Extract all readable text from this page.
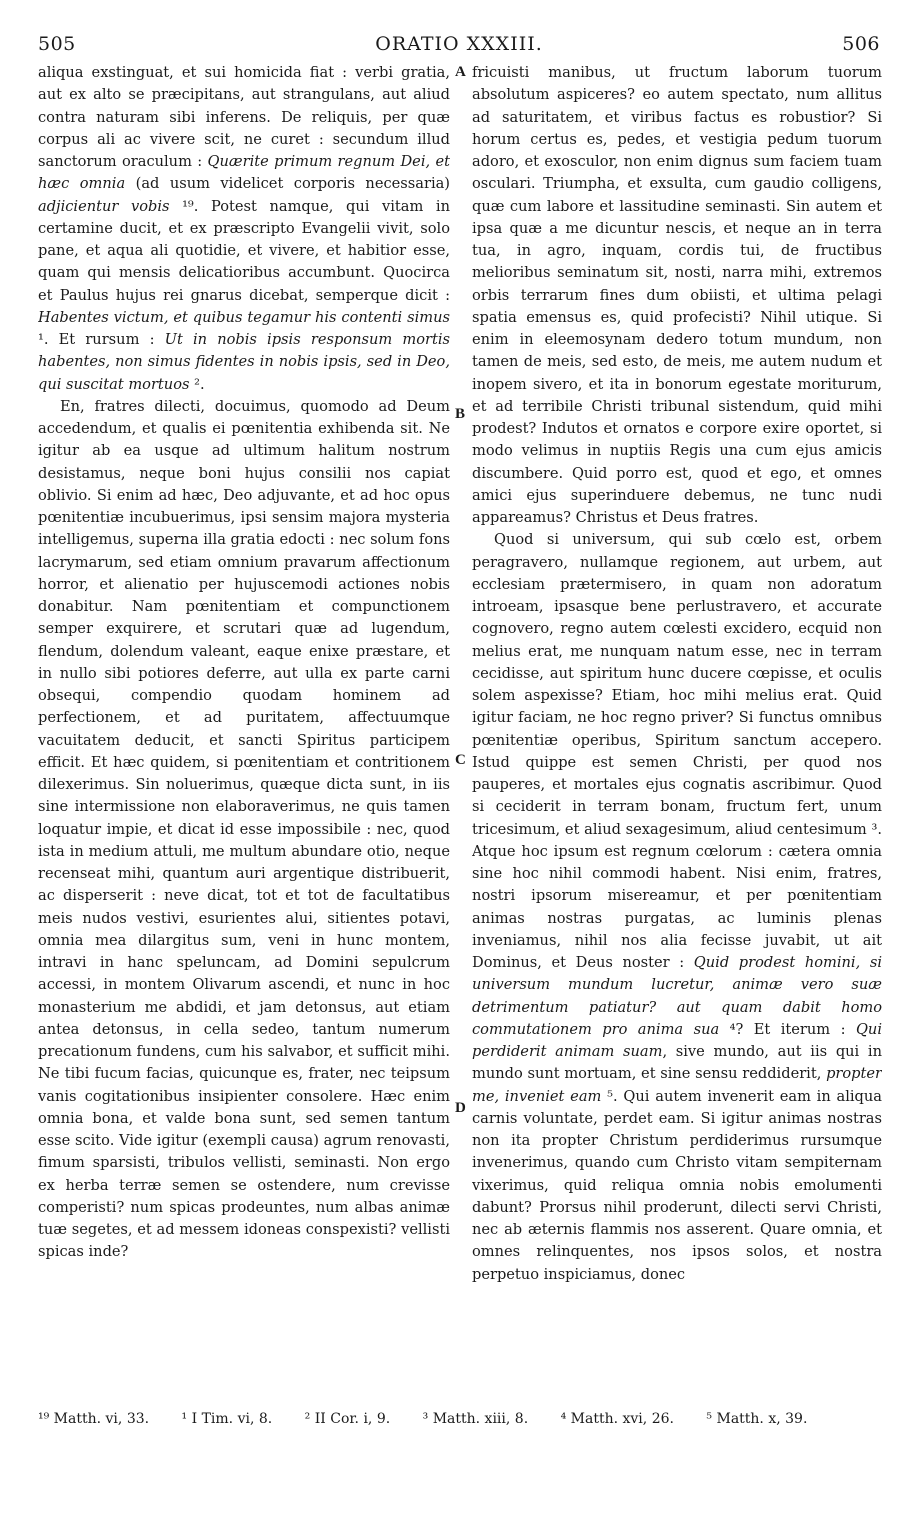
505	ORATIO XXXIII.	506

aliqua exstinguat, et sui homicida fiat : verbi gratia, aut ex alto se præcipitans, aut strangulans, aut aliud contra naturam sibi inferens. De reliquis, per quæ corpus ali ac vivere scit, ne curet : secundum illud sanctorum oraculum : Quærite primum regnum Dei, et hæc omnia (ad usum videlicet corporis necessaria) adjicientur vobis ¹⁹. Potest namque, qui vitam in certamine ducit, et ex præscripto Evangelii vivit, solo pane, et aqua ali quotidie, et vivere, et habitior esse, quam qui mensis delicatioribus accumbunt. Quocirca et Paulus hujus rei gnarus dicebat, semperque dicit : Habentes victum, et quibus tegamur his contenti simus ¹. Et rursum : Ut in nobis ipsis responsum mortis habentes, non simus fidentes in nobis ipsis, sed in Deo, qui suscitat mortuos ².

En, fratres dilecti, docuimus, quomodo ad Deum accedendum, et qualis ei pœnitentia exhibenda sit. Ne igitur ab ea usque ad ultimum halitum nostrum desistamus, neque boni hujus consilii nos capiat oblivio. Si enim ad hæc, Deo adjuvante, et ad hoc opus pœnitentiæ incubuerimus, ipsi sensim majora mysteria intelligemus, superna illa gratia edocti : nec solum fons lacrymarum, sed etiam omnium pravarum affectionum horror, et alienatio per hujuscemodi actiones nobis donabitur. Nam pœnitentiam et compunctionem semper exquirere, et scrutari quæ ad lugendum, flendum, dolendum valeant, eaque enixe præstare, et in nullo sibi potiores deferre, aut ulla ex parte carni obsequi, compendio quodam hominem ad perfectionem, et ad puritatem, affectuumque vacuitatem deducit, et sancti Spiritus participem efficit. Et hæc quidem, si pœnitentiam et contritionem dilexerimus. Sin noluerimus, quæque dicta sunt, in iis sine intermissione non elaboraverimus, ne quis tamen loquatur impie, et dicat id esse impossibile : nec, quod ista in medium attuli, me multum abundare otio, neque recenseat mihi, quantum auri argentique distribuerit, ac disperserit : neve dicat, tot et tot de facultatibus meis nudos vestivi, esurientes alui, sitientes potavi, omnia mea dilargitus sum, veni in hunc montem, intravi in hanc speluncam, ad Domini sepulcrum accessi, in montem Olivarum ascendi, et nunc in hoc monasterium me abdidi, et jam detonsus, aut etiam antea detonsus, in cella sedeo, tantum numerum precationum fundens, cum his salvabor, et sufficit mihi. Ne tibi fucum facias, quicunque es, frater, nec teipsum vanis cogitationibus insipienter consolere. Hæc enim omnia bona, et valde bona sunt, sed semen tantum esse scito. Vide igitur (exempli causa) agrum renovasti, fimum sparsisti, tribulos vellisti, seminasti. Non ergo ex herba terræ semen se ostendere, num crevisse comperisti? num spicas prodeuntes, num albas animæ tuæ segetes, et ad messem idoneas conspexisti? vellisti spicas inde?

fricuisti manibus, ut fructum laborum tuorum absolutum aspiceres? eo autem spectato, num allitus ad saturitatem, et viribus factus es robustior? Si horum certus es, pedes, et vestigia pedum tuorum adoro, et exosculor, non enim dignus sum faciem tuam osculari. Triumpha, et exsulta, cum gaudio colligens, quæ cum labore et lassitudine seminasti. Sin autem et ipsa quæ a me dicuntur nescis, et neque an in terra tua, in agro, inquam, cordis tui, de fructibus melioribus seminatum sit, nosti, narra mihi, extremos orbis terrarum fines dum obiisti, et ultima pelagi spatia emensus es, quid profecisti? Nihil utique. Si enim in eleemosynam dedero totum mundum, non tamen de meis, sed esto, de meis, me autem nudum et inopem sivero, et ita in bonorum egestate moriturum, et ad terribile Christi tribunal sistendum, quid mihi prodest? Indutos et ornatos e corpore exire oportet, si modo velimus in nuptiis Regis una cum ejus amicis discumbere. Quid porro est, quod et ego, et omnes amici ejus superinduere debemus, ne tunc nudi appareamus? Christus et Deus fratres.

Quod si universum, qui sub cœlo est, orbem peragravero, nullamque regionem, aut urbem, aut ecclesiam prætermisero, in quam non adoratum introeam, ipsasque bene perlustravero, et accurate cognovero, regno autem cœlesti excidero, ecquid non melius erat, me nunquam natum esse, nec in terram cecidisse, aut spiritum hunc ducere cœpisse, et oculis solem aspexisse? Etiam, hoc mihi melius erat. Quid igitur faciam, ne hoc regno priver? Si functus omnibus pœnitentiæ operibus, Spiritum sanctum accepero. Istud quippe est semen Christi, per quod nos pauperes, et mortales ejus cognatis ascribimur. Quod si ceciderit in terram bonam, fructum fert, unum tricesimum, et aliud sexagesimum, aliud centesimum ³. Atque hoc ipsum est regnum cœlorum : cætera omnia sine hoc nihil commodi habent. Nisi enim, fratres, nostri ipsorum misereamur, et per pœnitentiam animas nostras purgatas, ac luminis plenas inveniamus, nihil nos alia fecisse juvabit, ut ait Dominus, et Deus noster : Quid prodest homini, si universum mundum lucretur, animæ vero suæ detrimentum patiatur? aut quam dabit homo commutationem pro anima sua ⁴? Et iterum : Qui perdiderit animam suam, sive mundo, aut iis qui in mundo sunt mortuam, et sine sensu reddiderit, propter me, inveniet eam ⁵. Qui autem invenerit eam in aliqua carnis voluntate, perdet eam. Si igitur animas nostras non ita propter Christum perdiderimus rursumque invenerimus, quando cum Christo vitam sempiternam vixerimus, quid reliqua omnia nobis emolumenti dabunt? Prorsus nihil proderunt, dilecti servi Christi, nec ab æternis flammis nos asserent. Quare omnia, et omnes relinquentes, nos ipsos solos, et nostra perpetuo inspiciamus, donec

A
B
C
D
¹⁹ Matth. vi, 33. ¹ I Tim. vi, 8. ² II Cor. i, 9. ³ Matth. xiii, 8. ⁴ Matth. xvi, 26. ⁵ Matth. x, 39.
